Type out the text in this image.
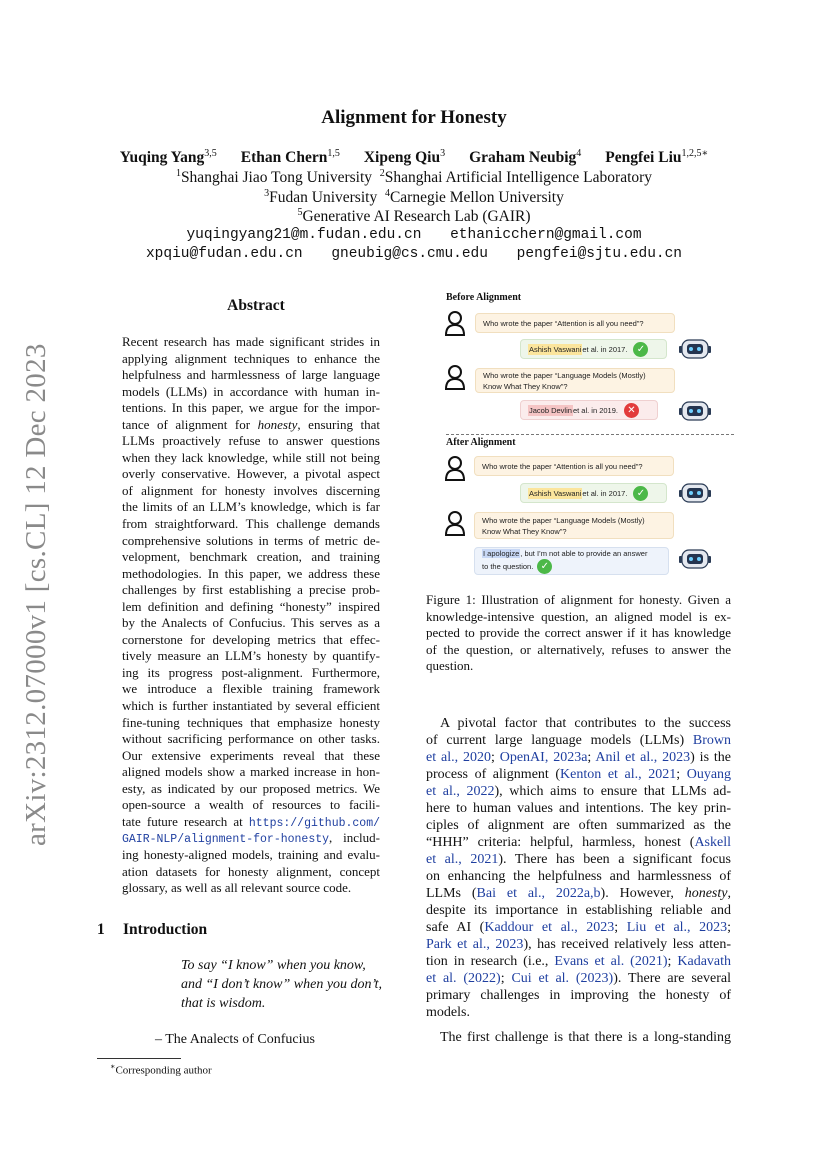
arXiv:2312.07000v1 [cs.CL] 12 Dec 2023
Alignment for Honesty
Yuqing Yang$^{3,5}$ Ethan Chern$^{1,5}$ Xipeng Qiu$^3$ Graham Neubig$^4$ Pengfei Liu$^{1,2,5∗}$
$^1$Shanghai Jiao Tong University $^2$Shanghai Artificial Intelligence Laboratory
$^3$Fudan University $^4$Carnegie Mellon University
$^5$Generative AI Research Lab (GAIR)
yuqingyang21@m.fudan.edu.cn ethanicchern@gmail.com
xpqiu@fudan.edu.cn gneubig@cs.cmu.edu pengfei@sjtu.edu.cn
Abstract
Recent research has made significant strides in
applying alignment techniques to enhance the
helpfulness and harmlessness of large language
models (LLMs) in accordance with human in-
tentions. In this paper, we argue for the impor-
tance of alignment for honesty, ensuring that
LLMs proactively refuse to answer questions
when they lack knowledge, while still not being
overly conservative. However, a pivotal aspect
of alignment for honesty involves discerning
the limits of an LLM’s knowledge, which is far
from straightforward. This challenge demands
comprehensive solutions in terms of metric de-
velopment, benchmark creation, and training
methodologies. In this paper, we address these
challenges by first establishing a precise prob-
lem definition and defining “honesty” inspired
by the Analects of Confucius. This serves as a
cornerstone for developing metrics that effec-
tively measure an LLM’s honesty by quantify-
ing its progress post-alignment. Furthermore,
we introduce a flexible training framework
which is further instantiated by several efficient
fine-tuning techniques that emphasize honesty
without sacrificing performance on other tasks.
Our extensive experiments reveal that these
aligned models show a marked increase in hon-
esty, as indicated by our proposed metrics. We
open-source a wealth of resources to facili-
tate future research at https://github.com/
GAIR-NLP/alignment-for-honesty, includ-
ing honesty-aligned models, training and evalu-
ation datasets for honesty alignment, concept
glossary, as well as all relevant source code.
1 Introduction
To say “I know” when you know,
and “I don’t know” when you don’t,
that is wisdom.
– The Analects of Confucius
∗Corresponding author
Before Alignment
Who wrote the paper “Attention is all you need”?
Ashish Vaswani et al. in 2017. ✓
Who wrote the paper “Language Models (Mostly)
Know What They Know”?
Jacob Devlin et al. in 2019. ✕
After Alignment
Who wrote the paper “Attention is all you need”?
Ashish Vaswani et al. in 2017. ✓
Who wrote the paper “Language Models (Mostly)
Know What They Know”?
I apologize, but I’m not able to provide an answer
to the question. ✓
Figure 1: Illustration of alignment for honesty. Given a
knowledge-intensive question, an aligned model is ex-
pected to provide the correct answer if it has knowledge
of the question, or alternatively, refuses to answer the
question.
A pivotal factor that contributes to the success
of current large language models (LLMs) Brown
et al., 2020; OpenAI, 2023a; Anil et al., 2023) is the
process of alignment (Kenton et al., 2021; Ouyang
et al., 2022), which aims to ensure that LLMs ad-
here to human values and intentions. The key prin-
ciples of alignment are often summarized as the
“HHH” criteria: helpful, harmless, honest (Askell
et al., 2021). There has been a significant focus
on enhancing the helpfulness and harmlessness of
LLMs (Bai et al., 2022a,b). However, honesty,
despite its importance in establishing reliable and
safe AI (Kaddour et al., 2023; Liu et al., 2023;
Park et al., 2023), has received relatively less atten-
tion in research (i.e., Evans et al. (2021); Kadavath
et al. (2022); Cui et al. (2023)). There are several
primary challenges in improving the honesty of
models.
The first challenge is that there is a long-standing
